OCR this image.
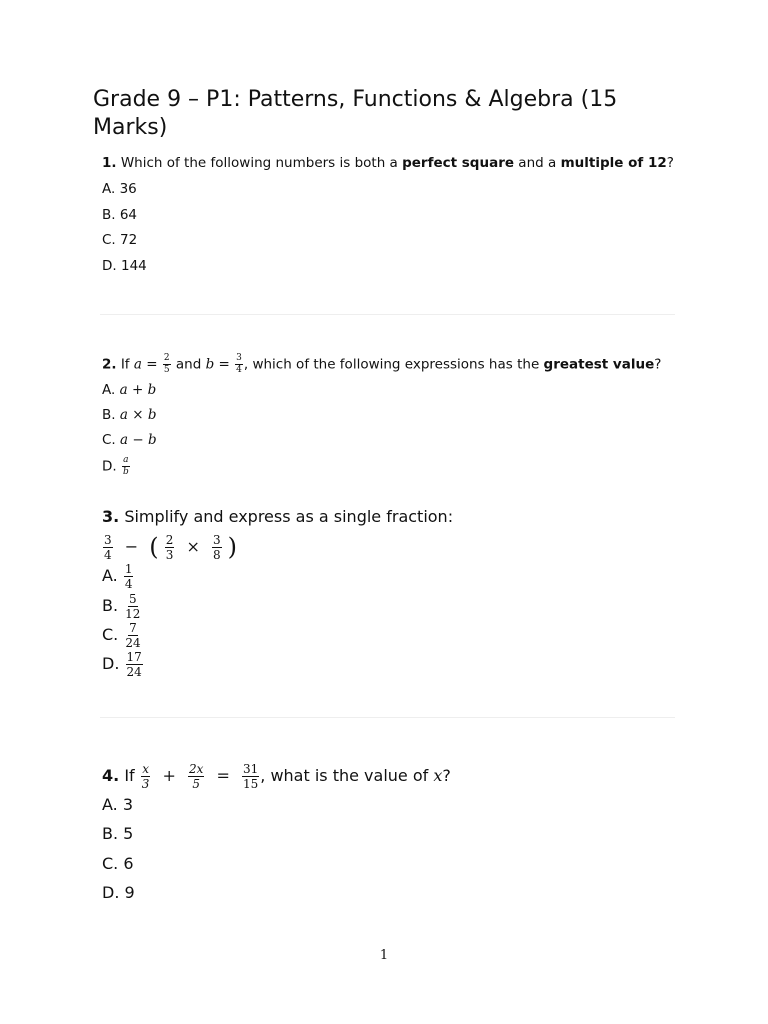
Grade 9 – P1: Patterns, Functions & Algebra (15 Marks)
1. Which of the following numbers is both a perfect square and a multiple of 12?
A. 36
B. 64
C. 72
D. 144
2. If $a = \frac{2}{5}$ and $b = \frac{3}{4}$ , which of the following expressions has the greatest value?
A. a + b
B. a × b
C. a − b
D. $\frac{a}{b}$
3. Simplify and express as a single fraction:
$\frac{3}{4}$ − ( $\frac{2}{3} \times \frac{3}{8}$ )
A. $\frac{1}{4}$
B. $\frac{5}{12}$
C. $\frac{7}{24}$
D. $\frac{17}{24}$
4. If $\frac{x}{3} + \frac{2x}{5} = \frac{31}{15}$ , what is the value of x?
A. 3
B. 5
C. 6
D. 9
1
